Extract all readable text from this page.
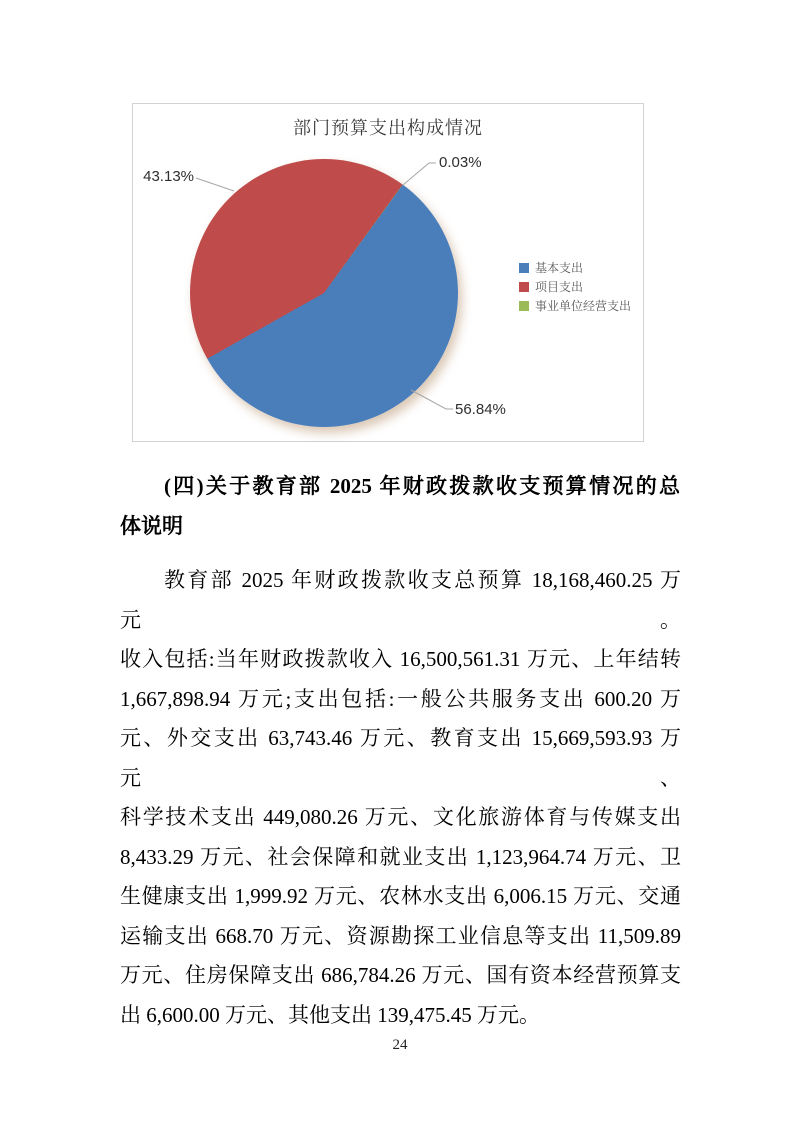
部门预算支出构成情况
43.13%
0.03%
56.84%
基本支出
项目支出
事业单位经营支出
(四)关于教育部 2025 年财政拨款收支预算情况的总
体说明
教育部 2025 年财政拨款收支总预算 18,168,460.25 万元。
收入包括:当年财政拨款收入 16,500,561.31 万元、上年结转
1,667,898.94 万元;支出包括:一般公共服务支出 600.20 万
元、外交支出 63,743.46 万元、教育支出 15,669,593.93 万元、
科学技术支出 449,080.26 万元、文化旅游体育与传媒支出
8,433.29 万元、社会保障和就业支出 1,123,964.74 万元、卫
生健康支出 1,999.92 万元、农林水支出 6,006.15 万元、交通
运输支出 668.70 万元、资源勘探工业信息等支出 11,509.89
万元、住房保障支出 686,784.26 万元、国有资本经营预算支
出 6,600.00 万元、其他支出 139,475.45 万元。
24
